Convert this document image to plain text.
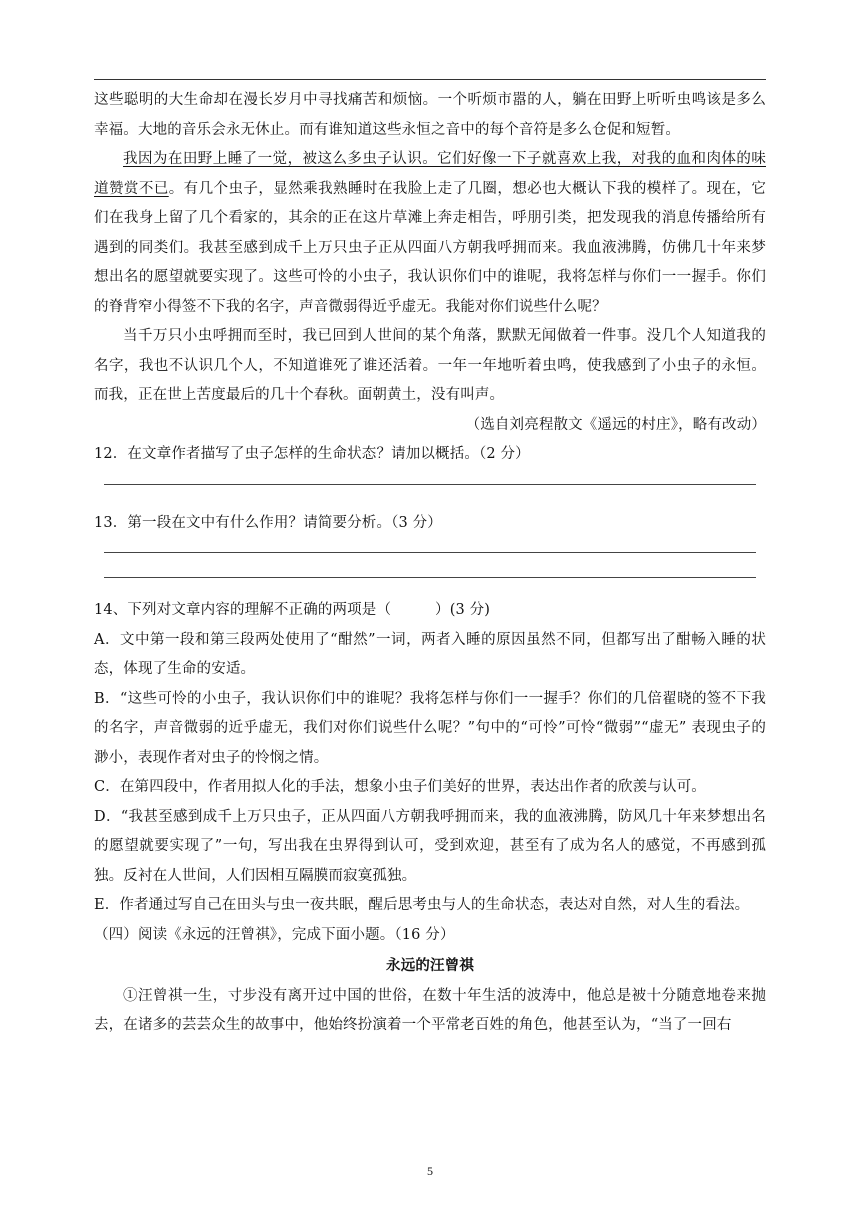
这些聪明的大生命却在漫长岁月中寻找痛苦和烦恼。一个听烦市嚣的人，躺在田野上听听虫鸣该是多么幸福。大地的音乐会永无休止。而有谁知道这些永恒之音中的每个音符是多么仓促和短暂。

我因为在田野上睡了一觉，被这么多虫子认识。它们好像一下子就喜欢上我，对我的血和肉体的味道赞赏不已。有几个虫子，显然乘我熟睡时在我脸上走了几圈，想必也大概认下我的模样了。现在，它们在我身上留了几个看家的，其余的正在这片草滩上奔走相告，呼朋引类，把发现我的消息传播给所有遇到的同类们。我甚至感到成千上万只虫子正从四面八方朝我呼拥而来。我血液沸腾，仿佛几十年来梦想出名的愿望就要实现了。这些可怜的小虫子，我认识你们中的谁呢，我将怎样与你们一一握手。你们的脊背窄小得签不下我的名字，声音微弱得近乎虚无。我能对你们说些什么呢？

当千万只小虫呼拥而至时，我已回到人世间的某个角落，默默无闻做着一件事。没几个人知道我的名字，我也不认识几个人，不知道谁死了谁还活着。一年一年地听着虫鸣，使我感到了小虫子的永恒。而我，正在世上苦度最后的几十个春秋。面朝黄土，没有叫声。

（选自刘亮程散文《遥远的村庄》，略有改动）

12．在文章作者描写了虫子怎样的生命状态？请加以概括。（2 分）

13．第一段在文中有什么作用？请简要分析。（3 分）

14、下列对文章内容的理解不正确的两项是（　　　）(3 分)

A．文中第一段和第三段两处使用了“酣然”一词，两者入睡的原因虽然不同，但都写出了酣畅入睡的状态，体现了生命的安适。

B．“这些可怜的小虫子，我认识你们中的谁呢？我将怎样与你们一一握手？你们的几倍翟晓的签不下我的名字，声音微弱的近乎虚无，我们对你们说些什么呢？”句中的“可怜”可怜“微弱”“虚无” 表现虫子的渺小，表现作者对虫子的怜悯之情。

C．在第四段中，作者用拟人化的手法，想象小虫子们美好的世界，表达出作者的欣羡与认可。

D．“我甚至感到成千上万只虫子，正从四面八方朝我呼拥而来，我的血液沸腾，防风几十年来梦想出名的愿望就要实现了”一句，写出我在虫界得到认可，受到欢迎，甚至有了成为名人的感觉，不再感到孤独。反衬在人世间，人们因相互隔膜而寂寞孤独。

E．作者通过写自己在田头与虫一夜共眠，醒后思考虫与人的生命状态，表达对自然，对人生的看法。

（四）阅读《永远的汪曾祺》，完成下面小题。（16 分）

永远的汪曾祺

①汪曾祺一生，寸步没有离开过中国的世俗，在数十年生活的波涛中，他总是被十分随意地卷来抛去，在诸多的芸芸众生的故事中，他始终扮演着一个平常老百姓的角色，他甚至认为，“当了一回右

5
